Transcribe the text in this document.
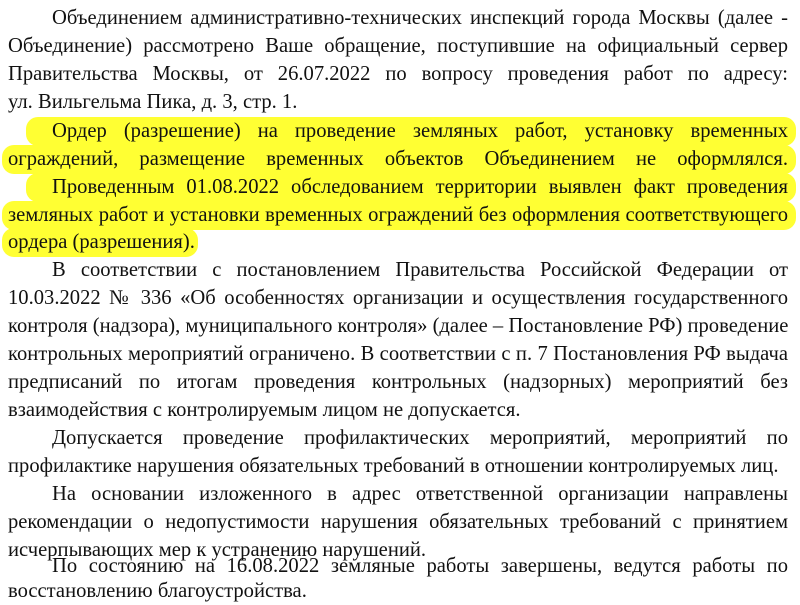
Объединением административно-технических инспекций города Москвы (далее -
Объединение) рассмотрено Ваше обращение, поступившие на официальный сервер
Правительства Москвы, от 26.07.2022 по вопросу проведения работ по адресу:
ул. Вильгельма Пика, д. 3, стр. 1.
Ордер (разрешение) на проведение земляных работ, установку временных
ограждений, размещение временных объектов Объединением не оформлялся.
Проведенным 01.08.2022 обследованием территории выявлен факт проведения
земляных работ и установки временных ограждений без оформления соответствующего
ордера (разрешения).
В соответствии с постановлением Правительства Российской Федерации от
10.03.2022 № 336 «Об особенностях организации и осуществления государственного
контроля (надзора), муниципального контроля» (далее – Постановление РФ) проведение
контрольных мероприятий ограничено. В соответствии с п. 7 Постановления РФ выдача
предписаний по итогам проведения контрольных (надзорных) мероприятий без
взаимодействия с контролируемым лицом не допускается.
Допускается проведение профилактических мероприятий, мероприятий по
профилактике нарушения обязательных требований в отношении контролируемых лиц.
На основании изложенного в адрес ответственной организации направлены
рекомендации о недопустимости нарушения обязательных требований с принятием
исчерпывающих мер к устранению нарушений.
По состоянию на 16.08.2022 земляные работы завершены, ведутся работы по
восстановлению благоустройства.
